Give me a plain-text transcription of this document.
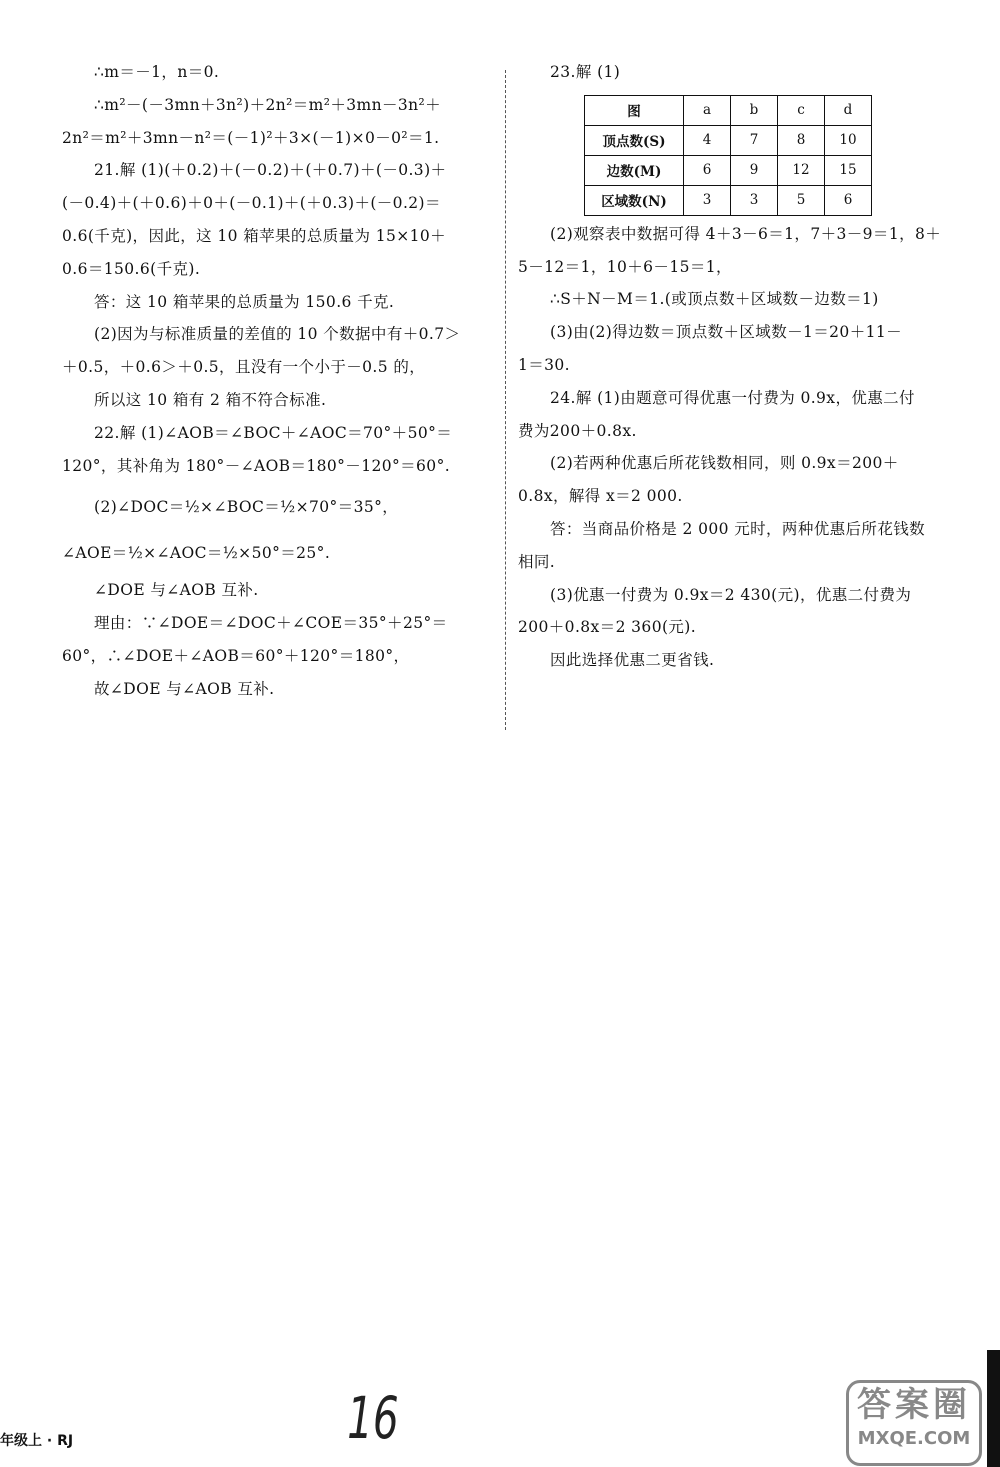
∴m＝－1，n＝0.
∴m²－(－3mn＋3n²)＋2n²＝m²＋3mn－3n²＋
2n²＝m²＋3mn－n²＝(－1)²＋3×(－1)×0－0²＝1.
21.解 (1)(＋0.2)＋(－0.2)＋(＋0.7)＋(－0.3)＋
(－0.4)＋(＋0.6)＋0＋(－0.1)＋(＋0.3)＋(－0.2)＝
0.6(千克)，因此，这 10 箱苹果的总质量为 15×10＋
0.6＝150.6(千克).
答：这 10 箱苹果的总质量为 150.6 千克.
(2)因为与标准质量的差值的 10 个数据中有＋0.7＞
＋0.5，＋0.6＞＋0.5，且没有一个小于－0.5 的，
所以这 10 箱有 2 箱不符合标准.
22.解 (1)∠AOB＝∠BOC＋∠AOC＝70°＋50°＝
120°，其补角为 180°－∠AOB＝180°－120°＝60°.
(2)∠DOC＝½×∠BOC＝½×70°＝35°，
∠AOE＝½×∠AOC＝½×50°＝25°.
∠DOE 与∠AOB 互补.
理由：∵∠DOE＝∠DOC＋∠COE＝35°＋25°＝
60°，∴∠DOE＋∠AOB＝60°＋120°＝180°，
故∠DOE 与∠AOB 互补.
23.解 (1)
图	a	b	c	d
顶点数(S)	4	7	8	10
边数(M)	6	9	12	15
区域数(N)	3	3	5	6
(2)观察表中数据可得 4＋3－6＝1，7＋3－9＝1，8＋
5－12＝1，10＋6－15＝1，
∴S＋N－M＝1.(或顶点数＋区域数－边数＝1)
(3)由(2)得边数＝顶点数＋区域数－1＝20＋11－
1＝30.
24.解 (1)由题意可得优惠一付费为 0.9x，优惠二付
费为200＋0.8x.
(2)若两种优惠后所花钱数相同，则 0.9x＝200＋
0.8x，解得 x＝2 000.
答：当商品价格是 2 000 元时，两种优惠后所花钱数
相同.
(3)优惠一付费为 0.9x＝2 430(元)，优惠二付费为
200＋0.8x＝2 360(元).
因此选择优惠二更省钱.
年级上 · RJ	16	答案圈
MXQE.COM
